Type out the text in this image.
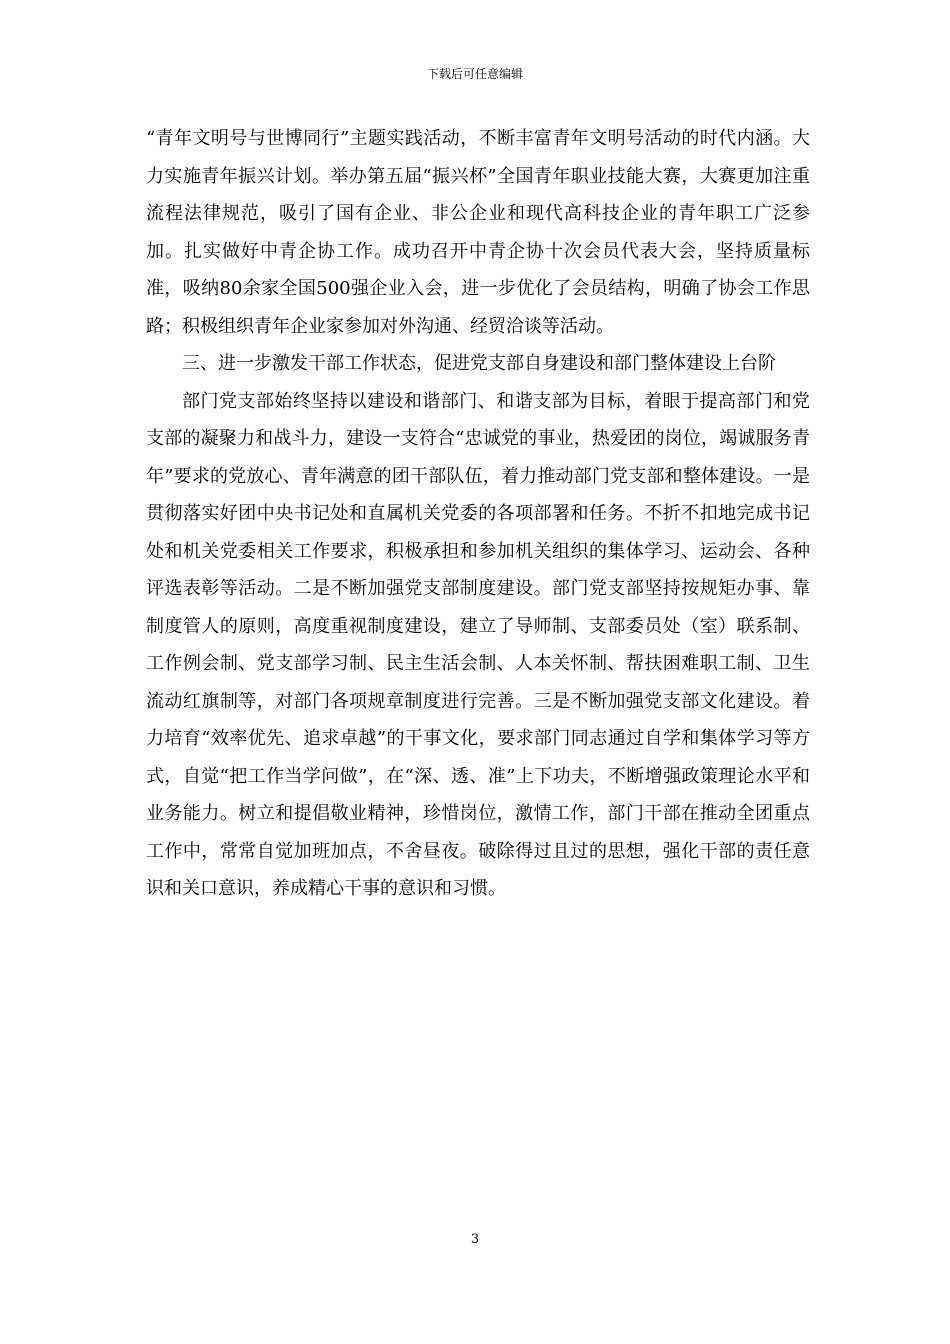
下载后可任意编辑

“青年文明号与世博同行”主题实践活动，不断丰富青年文明号活动的时代内涵。大力实施青年振兴计划。举办第五届“振兴杯”全国青年职业技能大赛，大赛更加注重流程法律规范，吸引了国有企业、非公企业和现代高科技企业的青年职工广泛参加。扎实做好中青企协工作。成功召开中青企协十次会员代表大会，坚持质量标准，吸纳80余家全国500强企业入会，进一步优化了会员结构，明确了协会工作思路；积极组织青年企业家参加对外沟通、经贸洽谈等活动。

三、进一步激发干部工作状态，促进党支部自身建设和部门整体建设上台阶

部门党支部始终坚持以建设和谐部门、和谐支部为目标，着眼于提高部门和党支部的凝聚力和战斗力，建设一支符合“忠诚党的事业，热爱团的岗位，竭诚服务青年”要求的党放心、青年满意的团干部队伍，着力推动部门党支部和整体建设。一是贯彻落实好团中央书记处和直属机关党委的各项部署和任务。不折不扣地完成书记处和机关党委相关工作要求，积极承担和参加机关组织的集体学习、运动会、各种评选表彰等活动。二是不断加强党支部制度建设。部门党支部坚持按规矩办事、靠制度管人的原则，高度重视制度建设，建立了导师制、支部委员处（室）联系制、工作例会制、党支部学习制、民主生活会制、人本关怀制、帮扶困难职工制、卫生流动红旗制等，对部门各项规章制度进行完善。三是不断加强党支部文化建设。着力培育“效率优先、追求卓越”的干事文化，要求部门同志通过自学和集体学习等方式，自觉“把工作当学问做”，在“深、透、准”上下功夫，不断增强政策理论水平和业务能力。树立和提倡敬业精神，珍惜岗位，激情工作，部门干部在推动全团重点工作中，常常自觉加班加点，不舍昼夜。破除得过且过的思想，强化干部的责任意识和关口意识，养成精心干事的意识和习惯。

3
